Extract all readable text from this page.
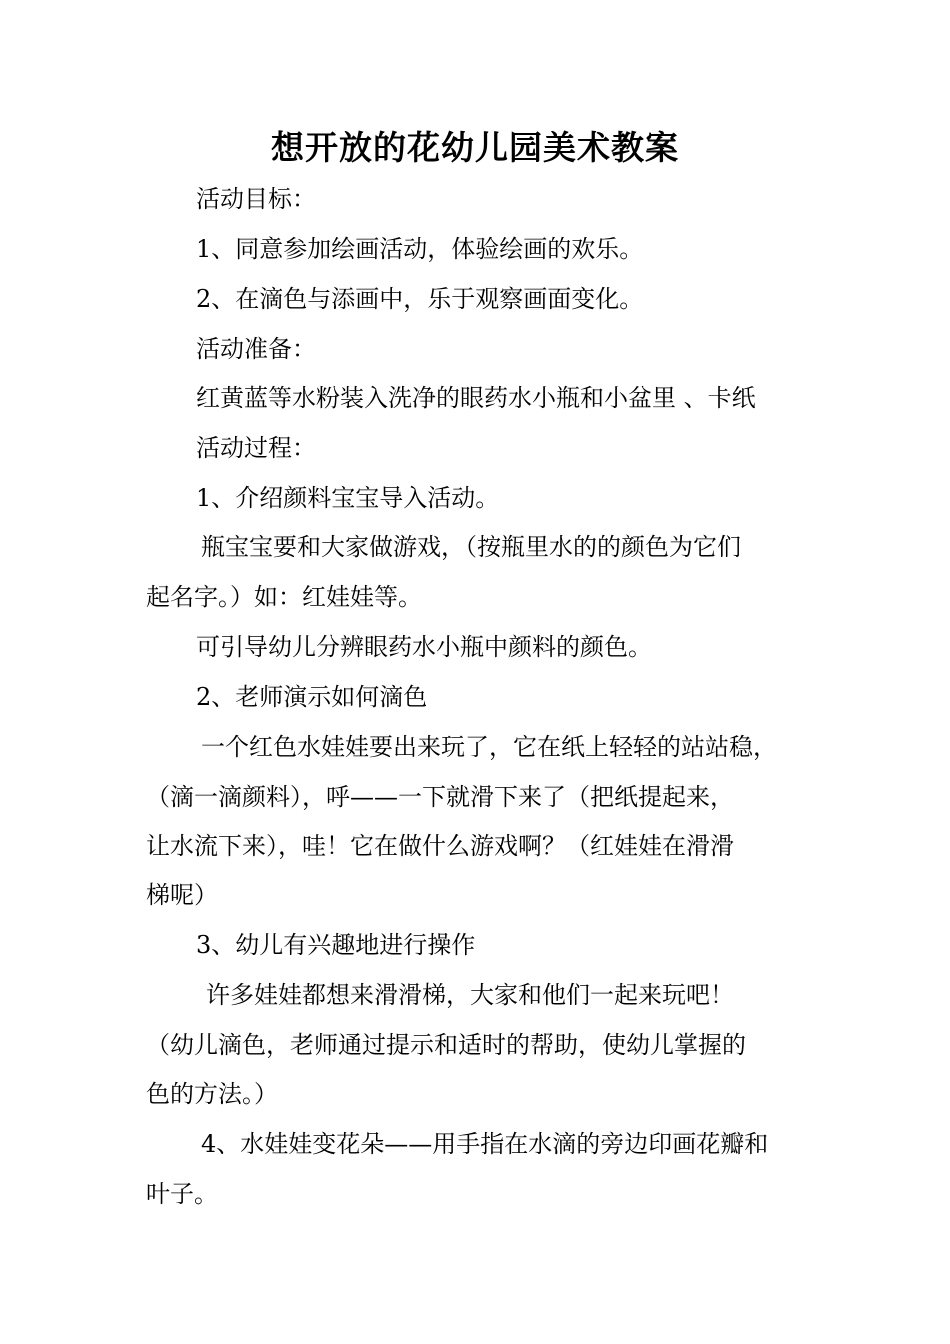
想开放的花幼儿园美术教案
活动目标：
1、同意参加绘画活动，体验绘画的欢乐。
2、在滴色与添画中，乐于观察画面变化。
活动准备：
红黄蓝等水粉装入洗净的眼药水小瓶和小盆里 、卡纸
活动过程：
1、介绍颜料宝宝导入活动。
瓶宝宝要和大家做游戏，（按瓶里水的的颜色为它们
起名字。）如：红娃娃等。
可引导幼儿分辨眼药水小瓶中颜料的颜色。
2、老师演示如何滴色
一个红色水娃娃要出来玩了，它在纸上轻轻的站站稳，
（滴一滴颜料），呼——一下就滑下来了（把纸提起来，
让水流下来），哇！它在做什么游戏啊？（红娃娃在滑滑
梯呢）
3、幼儿有兴趣地进行操作
许多娃娃都想来滑滑梯，大家和他们一起来玩吧！
（幼儿滴色，老师通过提示和适时的帮助，使幼儿掌握的
色的方法。）
4、水娃娃变花朵——用手指在水滴的旁边印画花瓣和
叶子。
